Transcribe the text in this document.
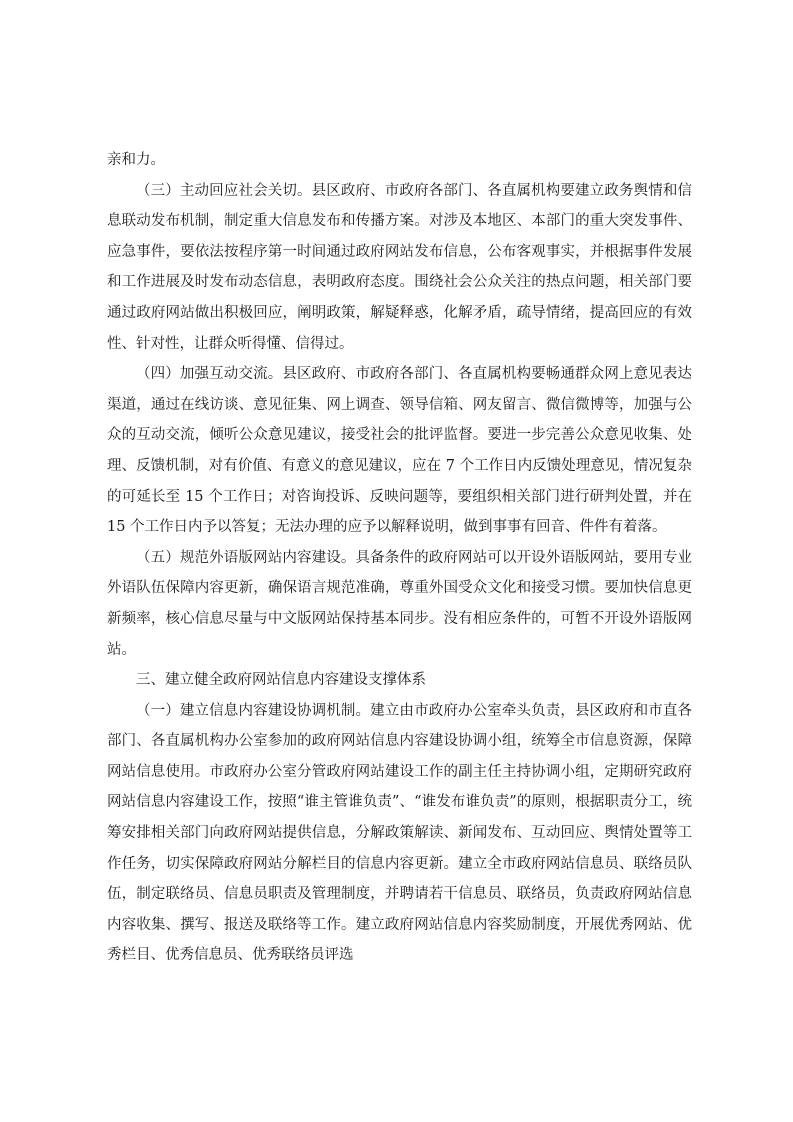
亲和力。

（三）主动回应社会关切。县区政府、市政府各部门、各直属机构要建立政务舆情和信息联动发布机制，制定重大信息发布和传播方案。对涉及本地区、本部门的重大突发事件、应急事件，要依法按程序第一时间通过政府网站发布信息，公布客观事实，并根据事件发展和工作进展及时发布动态信息，表明政府态度。围绕社会公众关注的热点问题，相关部门要通过政府网站做出积极回应，阐明政策，解疑释惑，化解矛盾，疏导情绪，提高回应的有效性、针对性，让群众听得懂、信得过。

（四）加强互动交流。县区政府、市政府各部门、各直属机构要畅通群众网上意见表达渠道，通过在线访谈、意见征集、网上调查、领导信箱、网友留言、微信微博等，加强与公众的互动交流，倾听公众意见建议，接受社会的批评监督。要进一步完善公众意见收集、处理、反馈机制，对有价值、有意义的意见建议，应在 7 个工作日内反馈处理意见，情况复杂的可延长至 15 个工作日；对咨询投诉、反映问题等，要组织相关部门进行研判处置，并在 15 个工作日内予以答复；无法办理的应予以解释说明，做到事事有回音、件件有着落。

（五）规范外语版网站内容建设。具备条件的政府网站可以开设外语版网站，要用专业外语队伍保障内容更新，确保语言规范准确，尊重外国受众文化和接受习惯。要加快信息更新频率，核心信息尽量与中文版网站保持基本同步。没有相应条件的，可暂不开设外语版网站。

三、建立健全政府网站信息内容建设支撑体系

（一）建立信息内容建设协调机制。建立由市政府办公室牵头负责，县区政府和市直各部门、各直属机构办公室参加的政府网站信息内容建设协调小组，统筹全市信息资源，保障网站信息使用。市政府办公室分管政府网站建设工作的副主任主持协调小组，定期研究政府网站信息内容建设工作，按照“谁主管谁负责”、“谁发布谁负责”的原则，根据职责分工，统筹安排相关部门向政府网站提供信息，分解政策解读、新闻发布、互动回应、舆情处置等工作任务，切实保障政府网站分解栏目的信息内容更新。建立全市政府网站信息员、联络员队伍，制定联络员、信息员职责及管理制度，并聘请若干信息员、联络员，负责政府网站信息内容收集、撰写、报送及联络等工作。建立政府网站信息内容奖励制度，开展优秀网站、优秀栏目、优秀信息员、优秀联络员评选
